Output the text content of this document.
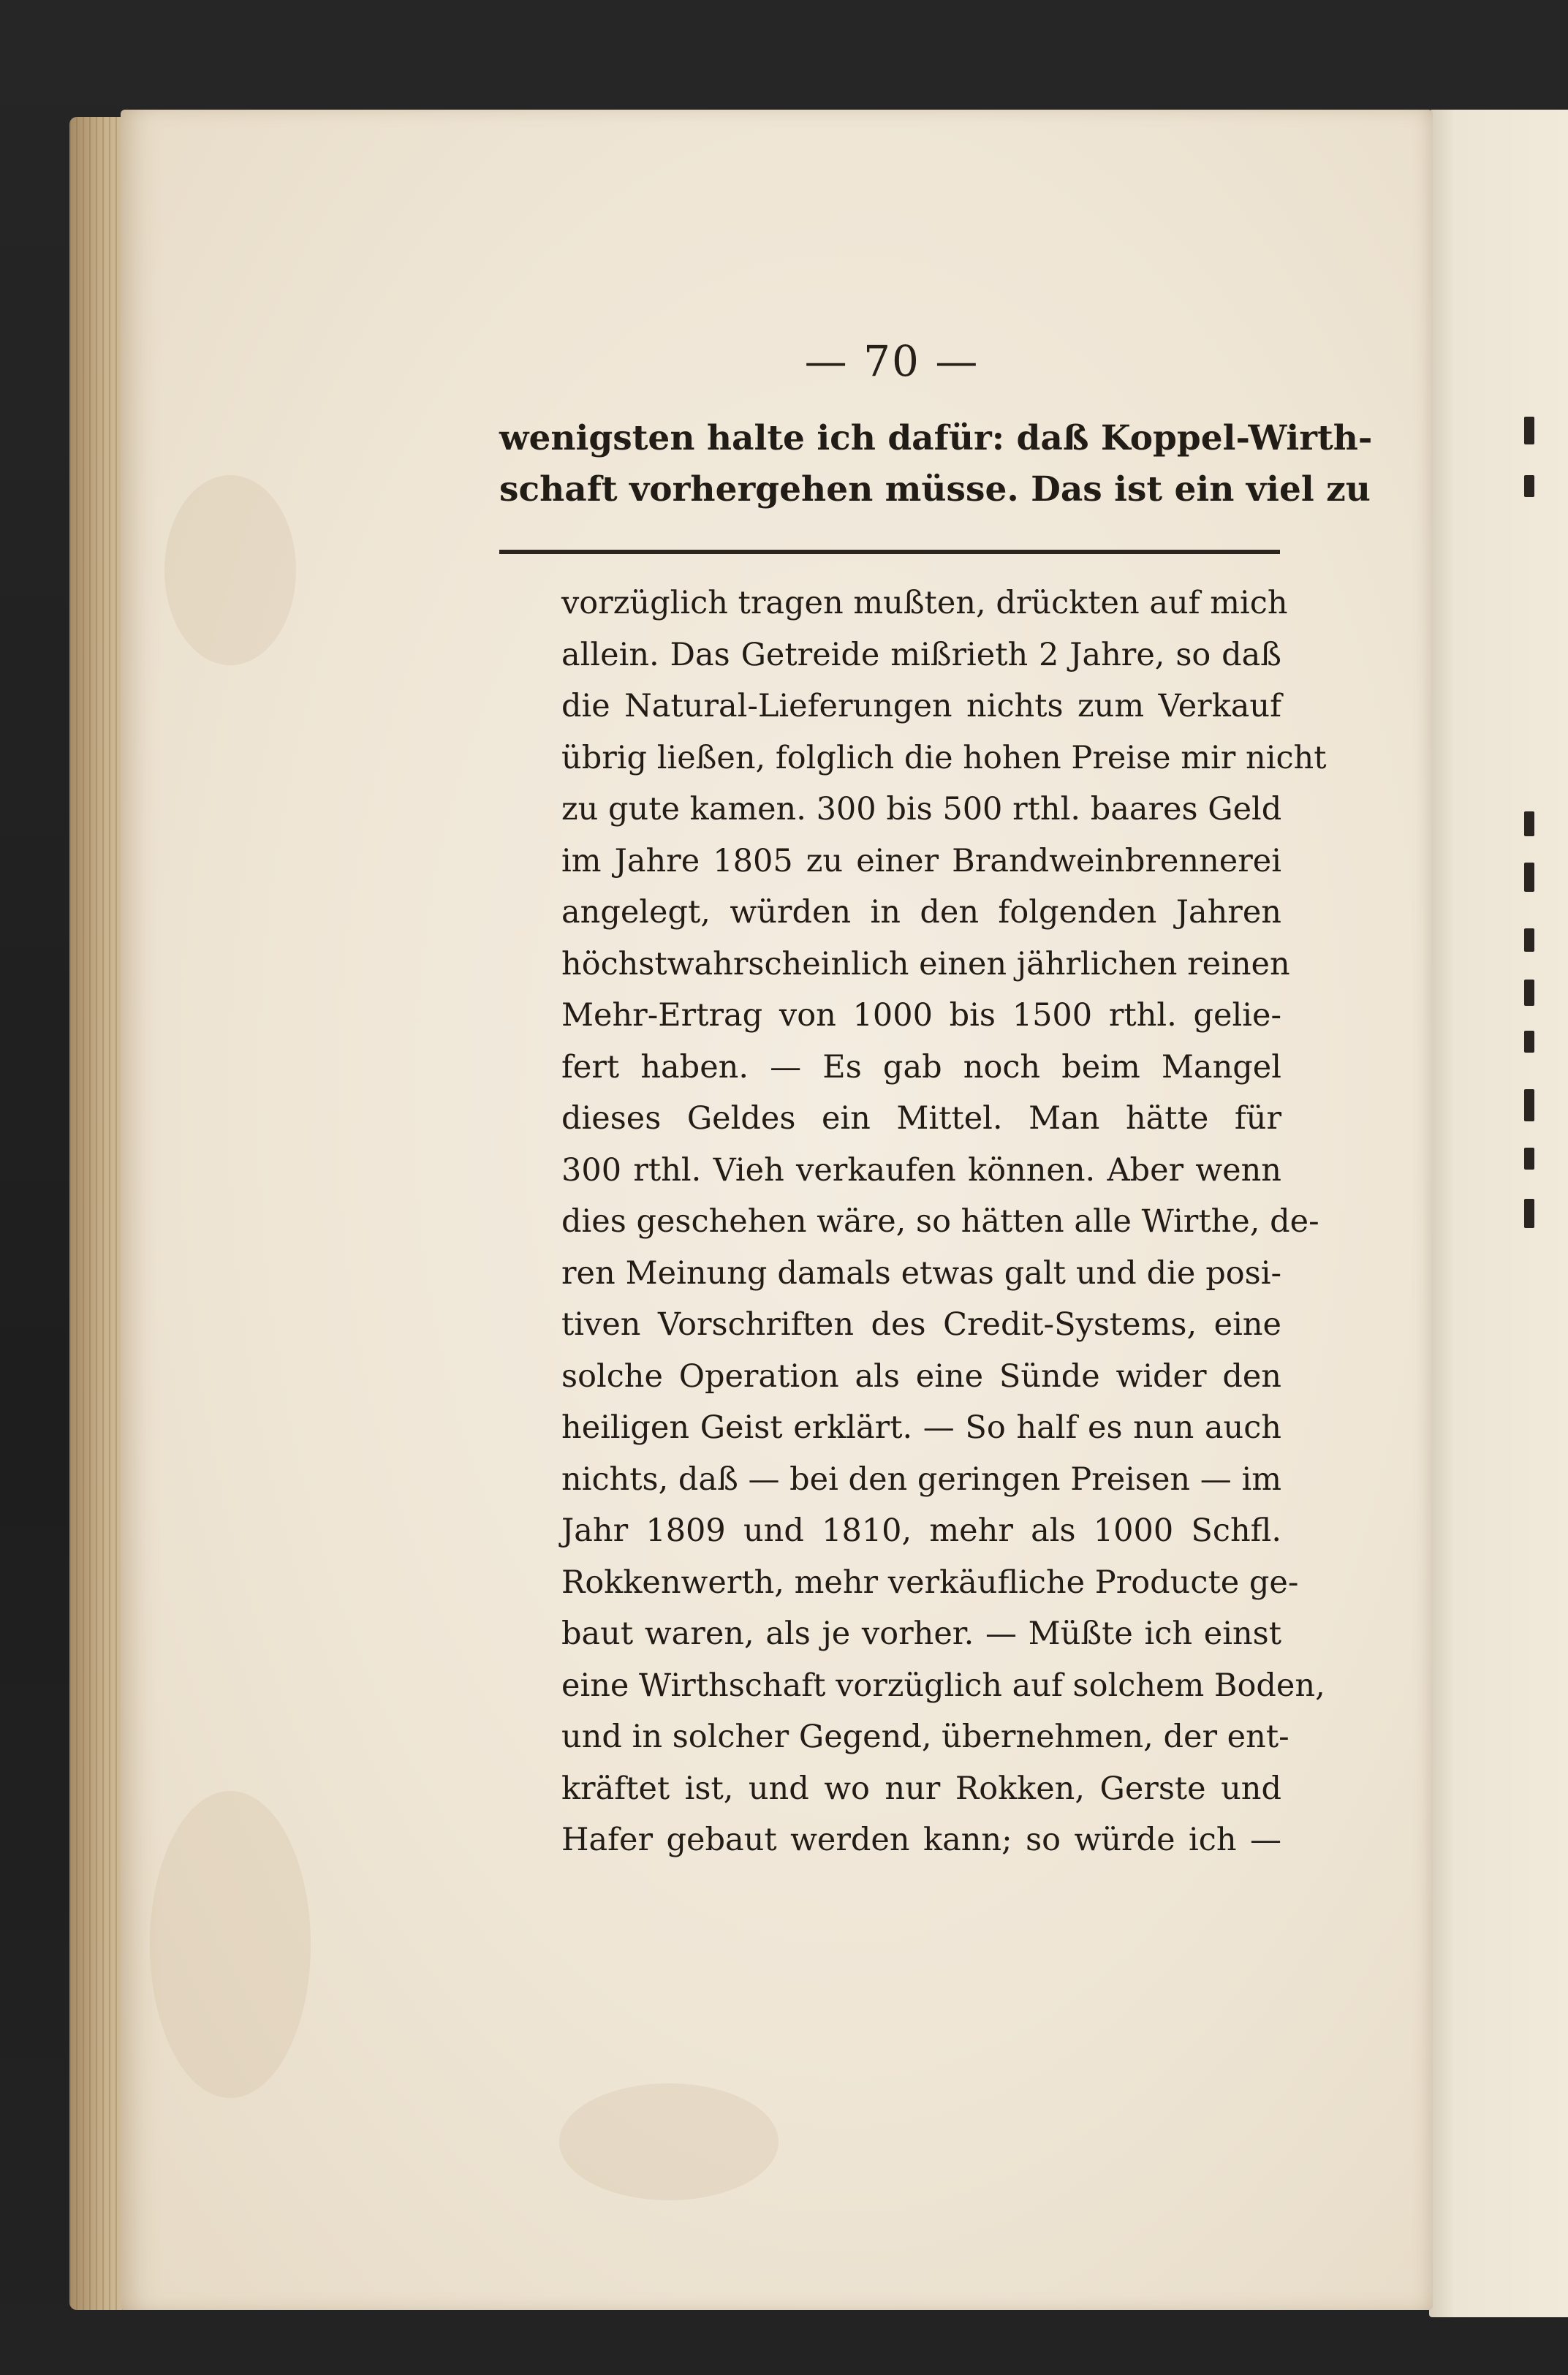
— 70 —
wenigsten halte ich dafür: daß Koppel-Wirth-
schaft vorhergehen müsse. Das ist ein viel zu
vorzüglich tragen mußten, drückten auf mich
allein. Das Getreide mißrieth 2 Jahre, so daß
die Natural-Lieferungen nichts zum Verkauf
übrig ließen, folglich die hohen Preise mir nicht
zu gute kamen. 300 bis 500 rthl. baares Geld
im Jahre 1805 zu einer Brandweinbrennerei
angelegt, würden in den folgenden Jahren
höchstwahrscheinlich einen jährlichen reinen
Mehr-Ertrag von 1000 bis 1500 rthl. gelie-
fert haben. — Es gab noch beim Mangel
dieses Geldes ein Mittel. Man hätte für
300 rthl. Vieh verkaufen können. Aber wenn
dies geschehen wäre, so hätten alle Wirthe, de-
ren Meinung damals etwas galt und die posi-
tiven Vorschriften des Credit-Systems, eine
solche Operation als eine Sünde wider den
heiligen Geist erklärt. — So half es nun auch
nichts, daß — bei den geringen Preisen — im
Jahr 1809 und 1810, mehr als 1000 Schfl.
Rokkenwerth, mehr verkäufliche Producte ge-
baut waren, als je vorher. — Müßte ich einst
eine Wirthschaft vorzüglich auf solchem Boden,
und in solcher Gegend, übernehmen, der ent-
kräftet ist, und wo nur Rokken, Gerste und
Hafer gebaut werden kann; so würde ich —
